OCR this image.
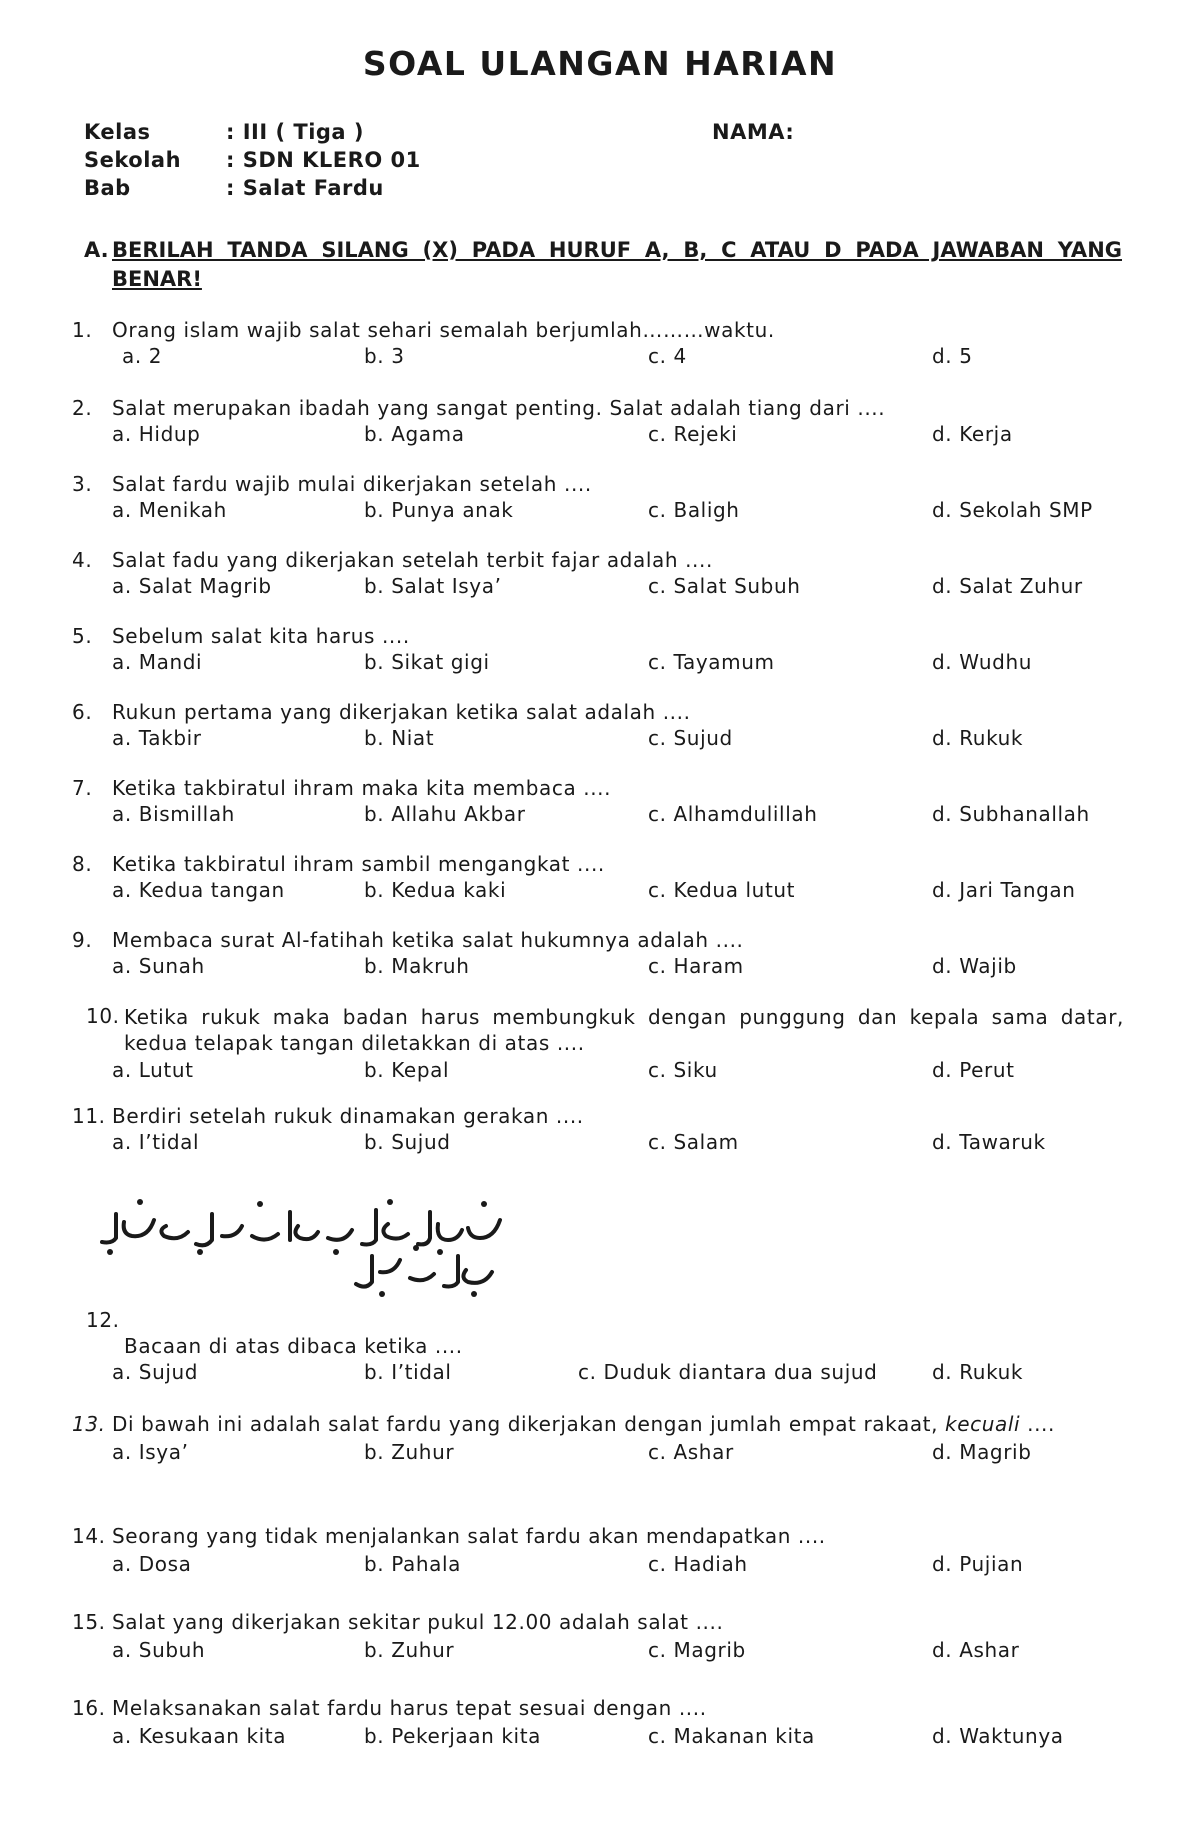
SOAL ULANGAN HARIAN
Kelas	: III ( Tiga )
Sekolah : SDN KLERO 01
Bab	: Salat Fardu
NAMA:
A. BERILAH TANDA SILANG (X) PADA HURUF A, B, C ATAU D PADA JAWABAN YANG BENAR!
1. Orang islam wajib salat sehari semalah berjumlah………waktu.
a. 2	b. 3	c. 4	d. 5
2. Salat merupakan ibadah yang sangat penting. Salat adalah tiang dari ....
a. Hidup	b. Agama	c. Rejeki	d. Kerja
3. Salat fardu wajib mulai dikerjakan setelah ....
a. Menikah	b. Punya anak	c. Baligh	d. Sekolah SMP
4. Salat fadu yang dikerjakan setelah terbit fajar adalah ....
a. Salat Magrib	b. Salat Isya’	c. Salat Subuh	d. Salat Zuhur
5. Sebelum salat kita harus ....
a. Mandi	b. Sikat gigi	c. Tayamum	d. Wudhu
6. Rukun pertama yang dikerjakan ketika salat adalah ....
a. Takbir	b. Niat	c. Sujud	d. Rukuk
7. Ketika takbiratul ihram maka kita membaca ....
a. Bismillah	b. Allahu Akbar	c. Alhamdulillah	d. Subhanallah
8. Ketika takbiratul ihram sambil mengangkat ....
a. Kedua tangan	b. Kedua kaki	c. Kedua lutut	d. Jari Tangan
9. Membaca surat Al-fatihah ketika salat hukumnya adalah ....
a. Sunah	b. Makruh	c. Haram	d. Wajib
10. Ketika rukuk maka badan harus membungkuk dengan punggung dan kepala sama datar, kedua telapak tangan diletakkan di atas ....
a. Lutut	b. Kepal	c. Siku	d. Perut
11. Berdiri setelah rukuk dinamakan gerakan ....
a. I’tidal	b. Sujud	c. Salam	d. Tawaruk
12.
Bacaan di atas dibaca ketika ....
a. Sujud	b. I’tidal	c. Duduk diantara dua sujud	d. Rukuk
13. Di bawah ini adalah salat fardu yang dikerjakan dengan jumlah empat rakaat, kecuali ....
a. Isya’	b. Zuhur	c. Ashar	d. Magrib
14. Seorang yang tidak menjalankan salat fardu akan mendapatkan ....
a. Dosa	b. Pahala	c. Hadiah	d. Pujian
15. Salat yang dikerjakan sekitar pukul 12.00 adalah salat ....
a. Subuh	b. Zuhur	c. Magrib	d. Ashar
16. Melaksanakan salat fardu harus tepat sesuai dengan ....
a. Kesukaan kita	b. Pekerjaan kita	c. Makanan kita	d. Waktunya
